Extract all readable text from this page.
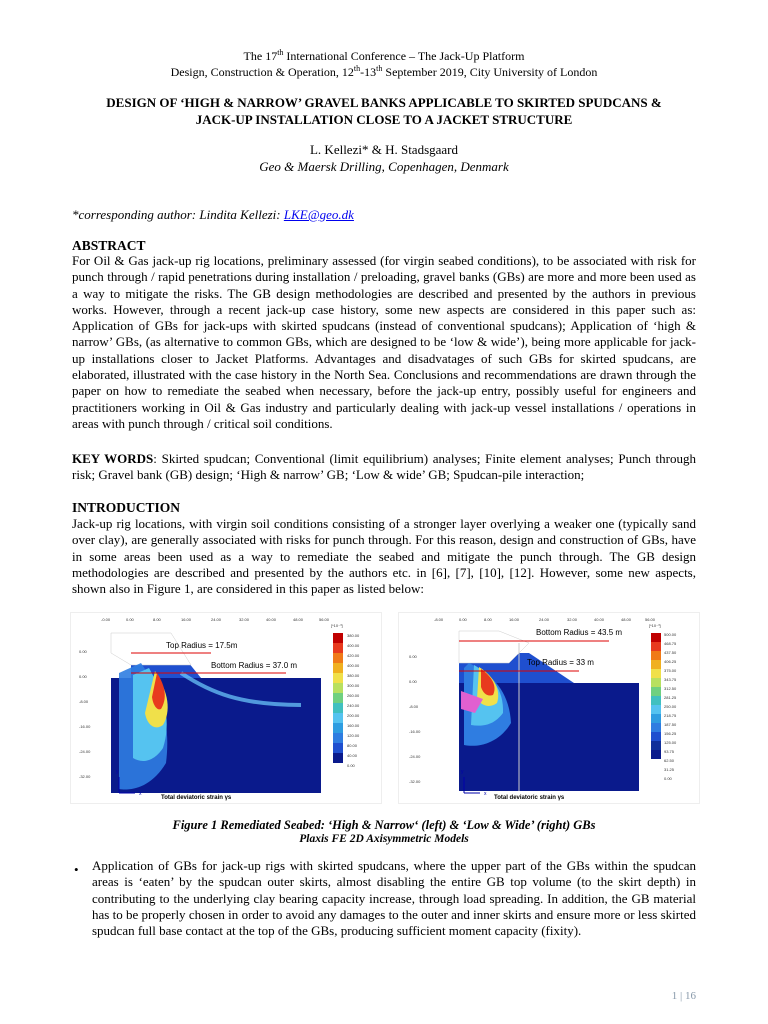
The 17th International Conference – The Jack-Up Platform
Design, Construction & Operation, 12th-13th September 2019, City University of London
DESIGN OF ‘HIGH & NARROW’ GRAVEL BANKS APPLICABLE TO SKIRTED SPUDCANS &
JACK-UP INSTALLATION CLOSE TO A JACKET STRUCTURE
L. Kellezi* & H. Stadsgaard
Geo & Maersk Drilling, Copenhagen, Denmark
*corresponding author: Lindita Kellezi: LKE@geo.dk
ABSTRACT
For Oil & Gas jack-up rig locations, preliminary assessed (for virgin seabed conditions), to be associated with risk for punch through / rapid penetrations during installation / preloading, gravel banks (GBs) are more and more been used as a way to mitigate the risks. The GB design methodologies are described and presented by the authors in previous works. However, through a recent jack-up case history, some new aspects are considered in this paper such as: Application of GBs for jack-ups with skirted spudcans (instead of conventional spudcans); Application of ‘high & narrow’ GBs, (as alternative to common GBs, which are designed to be ‘low & wide’), being more applicable for jack-up installations closer to Jacket Platforms. Advantages and disadvatages of such GBs for skirted spudcans, are elaborated, illustrated with the case history in the North Sea. Conclusions and recommendations are drawn through the paper on how to remediate the seabed when necessary, before the jack-up entry, possibly useful for engineers and practitioners working in Oil & Gas industry and particularly dealing with jack-up vessel installations / operations in areas with punch through / critical soil conditions.
KEY WORDS: Skirted spudcan; Conventional (limit equilibrium) analyses; Finite element analyses; Punch through risk; Gravel bank (GB) design; ‘High & narrow’ GB; ‘Low & wide’ GB; Spudcan-pile interaction;
INTRODUCTION
Jack-up rig locations, with virgin soil conditions consisting of a stronger layer overlying a weaker one (typically sand over clay), are generally associated with risks for punch through. For this reason, design and construction of GBs, have in some areas been used as a way to remediate the seabed and mitigate the punch through. The GB design methodologies are described and presented by the authors etc. in [6], [7], [10], [12]. However, some new aspects, shown also in Figure 1, are considered in this paper as listed below:
-0.00	0.00	8.00	16.00	24.00	32.00	40.00	48.00	56.00
Top Radius = 17.5m
Bottom Radius = 37.0 m
0.00
0.00
-8.00
-16.00
-24.00
-32.00
[*10⁻³]
380.00
400.00
420.00
400.00
380.00
300.00
260.00
240.00
200.00
160.00
120.00
80.00
40.00
0.00
y
x
Total deviatoric strain γs
-8.00	0.00	8.00	16.00	24.00	32.00	40.00	48.00	56.00
Bottom Radius = 43.5 m
Top Radius = 33 m
0.00
0.00
-8.00
-16.00
-24.00
-32.00
[*10⁻³]
500.00
468.75
437.50
406.25
375.00
343.75
312.50
281.25
250.00
218.75
187.50
156.25
125.00
93.75
62.50
31.25
0.00
y
x
Total deviatoric strain γs
Figure 1 Remediated Seabed: ‘High & Narrow‘ (left) & ‘Low & Wide’ (right) GBs
Plaxis FE 2D Axisymmetric Models
• Application of GBs for jack-up rigs with skirted spudcans, where the upper part of the GBs within the spudcan areas is ‘eaten’ by the spudcan outer skirts, almost disabling the entire GB top volume (to the skirt depth) in contributing to the underlying clay bearing capacity increase, through load spreading. In addition, the GB material has to be properly chosen in order to avoid any damages to the outer and inner skirts and ensure more or less skirted spudcan full base contact at the top of the GBs, producing sufficient moment capacity (fixity).
1 | 16
